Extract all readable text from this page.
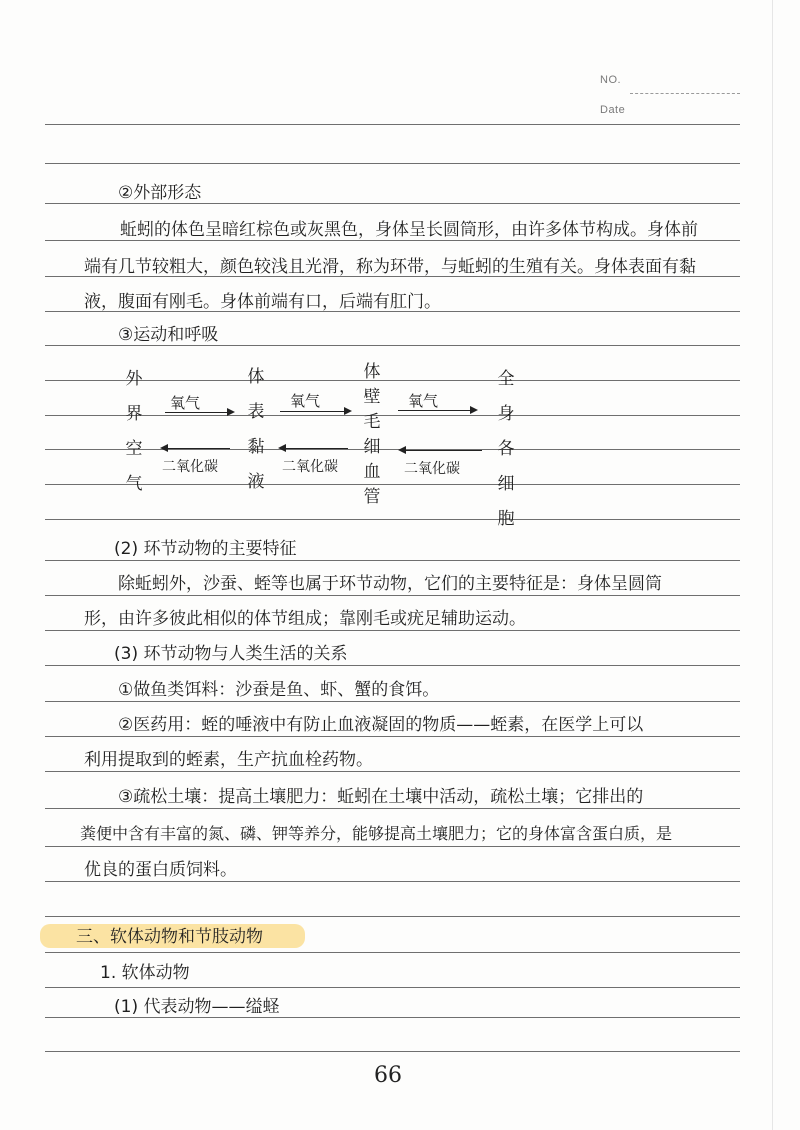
NO.
Date
②外部形态
蚯蚓的体色呈暗红棕色或灰黑色，身体呈长圆筒形，由许多体节构成。身体前
端有几节较粗大，颜色较浅且光滑，称为环带，与蚯蚓的生殖有关。身体表面有黏
液，腹面有刚毛。身体前端有口，后端有肛门。
③运动和呼吸
外
界
空
气
体
表
黏
液
体
壁
毛
细
血
管
全
身
各
细
胞
氧气	氧气	氧气
二氧化碳	二氧化碳	二氧化碳
(2) 环节动物的主要特征
除蚯蚓外，沙蚕、蛭等也属于环节动物，它们的主要特征是：身体呈圆筒
形，由许多彼此相似的体节组成；靠刚毛或疣足辅助运动。
(3) 环节动物与人类生活的关系
①做鱼类饵料：沙蚕是鱼、虾、蟹的食饵。
②医药用：蛭的唾液中有防止血液凝固的物质——蛭素，在医学上可以
利用提取到的蛭素，生产抗血栓药物。
③疏松土壤：提高土壤肥力：蚯蚓在土壤中活动，疏松土壤；它排出的
粪便中含有丰富的氮、磷、钾等养分，能够提高土壤肥力；它的身体富含蛋白质，是
优良的蛋白质饲料。
三、软体动物和节肢动物
1. 软体动物
(1) 代表动物——缢蛏
66
